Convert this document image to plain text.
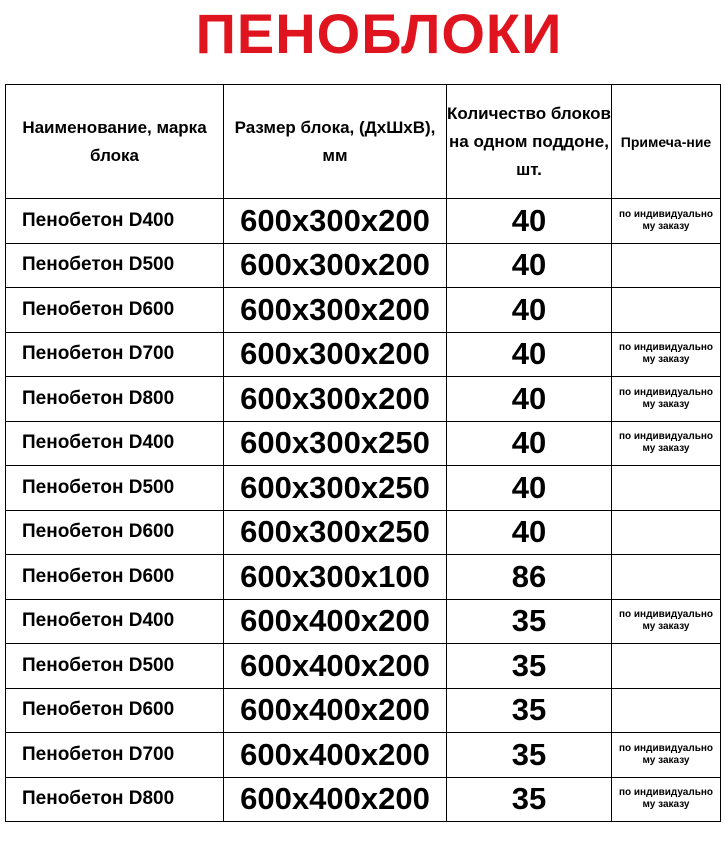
ПЕНОБЛОКИ
Наименование, марка блока	Размер блока, (ДхШхВ), мм	Количество блоков на одном поддоне, шт.	Примеча-ние
Пенобетон D400	600x300x200	40	по индивидуально му заказу
Пенобетон D500	600x300x200	40	
Пенобетон D600	600x300x200	40	
Пенобетон D700	600x300x200	40	по индивидуально му заказу
Пенобетон D800	600x300x200	40	по индивидуально му заказу
Пенобетон D400	600x300x250	40	по индивидуально му заказу
Пенобетон D500	600x300x250	40	
Пенобетон D600	600x300x250	40	
Пенобетон D600	600x300x100	86	
Пенобетон D400	600x400x200	35	по индивидуально му заказу
Пенобетон D500	600x400x200	35	
Пенобетон D600	600x400x200	35	
Пенобетон D700	600x400x200	35	по индивидуально му заказу
Пенобетон D800	600x400x200	35	по индивидуально му заказу
